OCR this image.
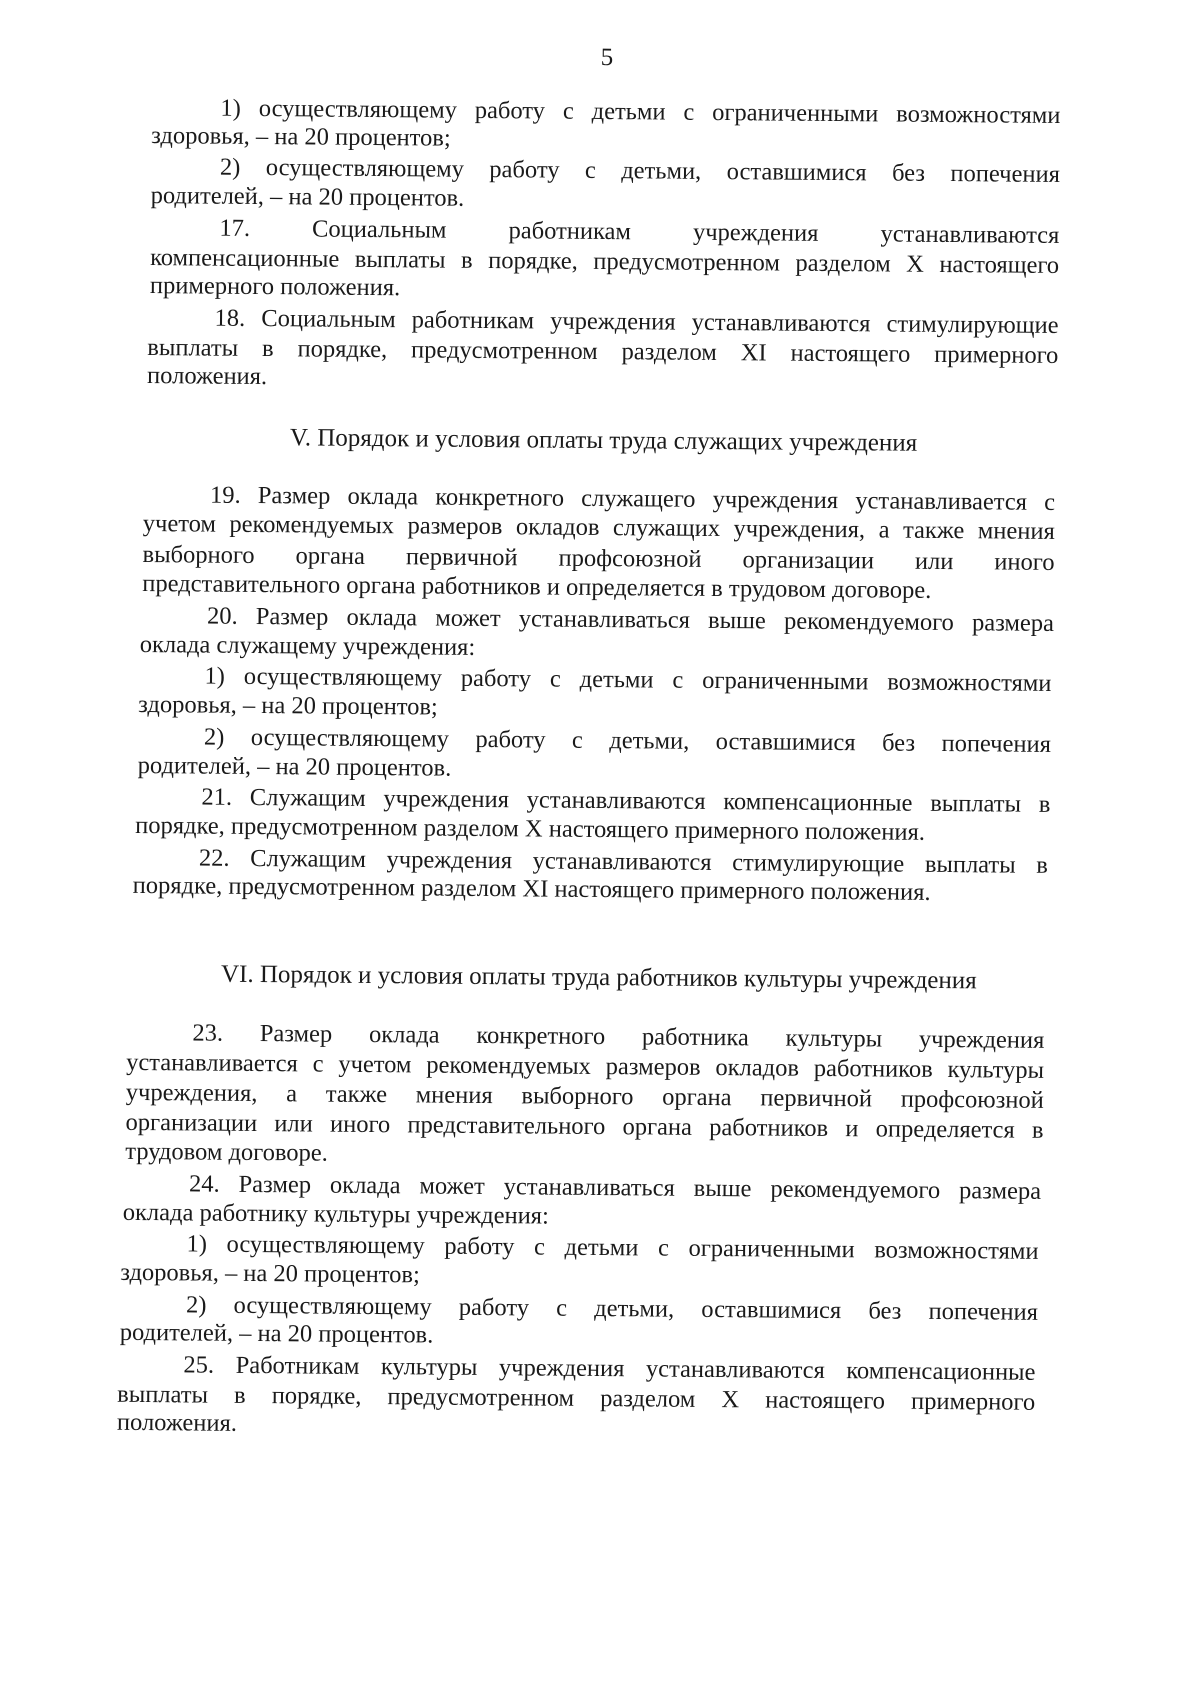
5
1) осуществляющему работу с детьми с ограниченными возможностями
здоровья, – на 20 процентов;
2) осуществляющему работу с детьми, оставшимися без попечения
родителей, – на 20 процентов.
17. Социальным работникам учреждения устанавливаются
компенсационные выплаты в порядке, предусмотренном разделом X настоящего
примерного положения.
18. Социальным работникам учреждения устанавливаются стимулирующие
выплаты в порядке, предусмотренном разделом XI настоящего примерного
положения.
V. Порядок и условия оплаты труда служащих учреждения
19. Размер оклада конкретного служащего учреждения устанавливается с
учетом рекомендуемых размеров окладов служащих учреждения, а также мнения
выборного органа первичной профсоюзной организации или иного
представительного органа работников и определяется в трудовом договоре.
20. Размер оклада может устанавливаться выше рекомендуемого размера
оклада служащему учреждения:
1) осуществляющему работу с детьми с ограниченными возможностями
здоровья, – на 20 процентов;
2) осуществляющему работу с детьми, оставшимися без попечения
родителей, – на 20 процентов.
21. Служащим учреждения устанавливаются компенсационные выплаты в
порядке, предусмотренном разделом X настоящего примерного положения.
22. Служащим учреждения устанавливаются стимулирующие выплаты в
порядке, предусмотренном разделом XI настоящего примерного положения.
VI. Порядок и условия оплаты труда работников культуры учреждения
23. Размер оклада конкретного работника культуры учреждения
устанавливается с учетом рекомендуемых размеров окладов работников культуры
учреждения, а также мнения выборного органа первичной профсоюзной
организации или иного представительного органа работников и определяется в
трудовом договоре.
24. Размер оклада может устанавливаться выше рекомендуемого размера
оклада работнику культуры учреждения:
1) осуществляющему работу с детьми с ограниченными возможностями
здоровья, – на 20 процентов;
2) осуществляющему работу с детьми, оставшимися без попечения
родителей, – на 20 процентов.
25. Работникам культуры учреждения устанавливаются компенсационные
выплаты в порядке, предусмотренном разделом X настоящего примерного
положения.
